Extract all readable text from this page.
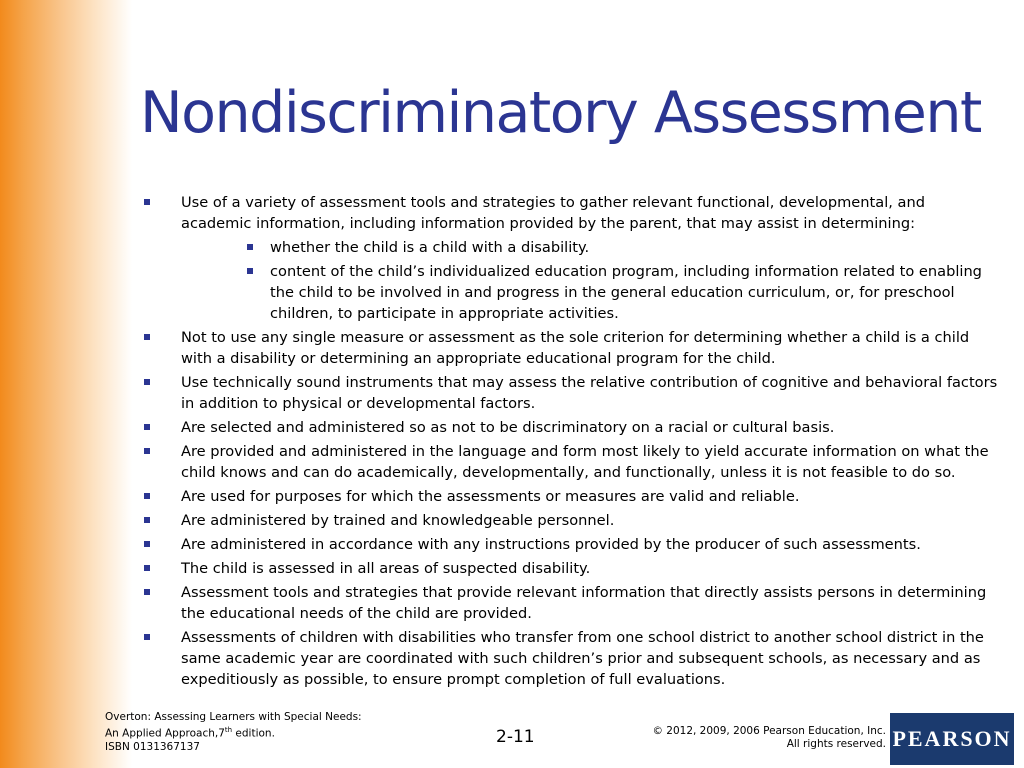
Nondiscriminatory Assessment
Use of a variety of assessment tools and strategies to gather relevant functional, developmental, and academic information, including information provided by the parent, that may assist in determining:
whether the child is a child with a disability.
content of the child’s individualized education program, including information related to enabling the child to be involved in and progress in the general education curriculum, or, for preschool children, to participate in appropriate activities.
Not to use any single measure or assessment as the sole criterion for determining whether a child is a child with a disability or determining an appropriate educational program for the child.
Use technically sound instruments that may assess the relative contribution of cognitive and behavioral factors in addition to physical or developmental factors.
Are selected and administered so as not to be discriminatory on a racial or cultural basis.
Are provided and administered in the language and form most likely to yield accurate information on what the child knows and can do academically, developmentally, and functionally, unless it is not feasible to do so.
Are used for purposes for which the assessments or measures are valid and reliable.
Are administered by trained and knowledgeable personnel.
Are administered in accordance with any instructions provided by the producer of such assessments.
The child is assessed in all areas of suspected disability.
Assessment tools and strategies that provide relevant information that directly assists persons in determining the educational needs of the child are provided.
Assessments of children with disabilities who transfer from one school district to another school district in the same academic year are coordinated with such children’s prior and subsequent schools, as necessary and as expeditiously as possible, to ensure prompt completion of full evaluations.
Overton: Assessing Learners with Special Needs:
An Applied Approach,7th edition.
ISBN 0131367137	2-11	© 2012, 2009, 2006 Pearson Education, Inc.
All rights reserved. PEARSON
